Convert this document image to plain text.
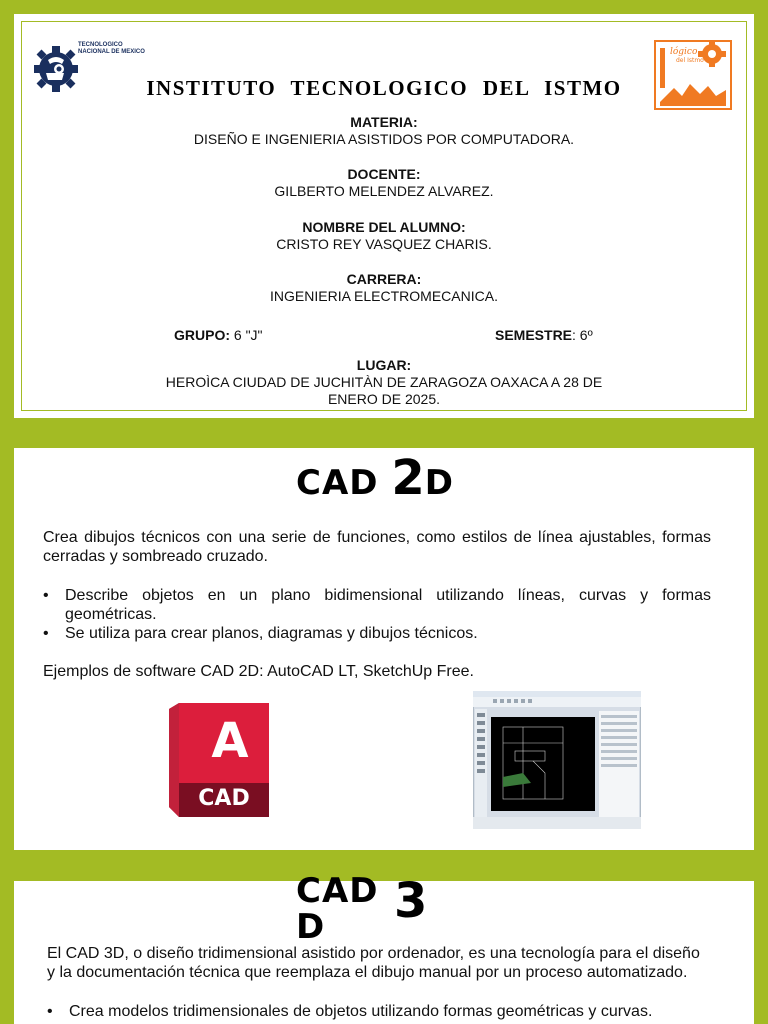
TECNOLOGICO NACIONAL DE MEXICO	lógico
del Istmo
INSTITUTO TECNOLOGICO DEL ISTMO
MATERIA:
DISEÑO E INGENIERIA ASISTIDOS POR COMPUTADORA.
DOCENTE:
GILBERTO MELENDEZ ALVAREZ.
NOMBRE DEL ALUMNO:
CRISTO REY VASQUEZ CHARIS.
CARRERA:
INGENIERIA ELECTROMECANICA.
GRUPO: 6 "J"	SEMESTRE: 6º
LUGAR:
HEROÌCA CIUDAD DE JUCHITÀN DE ZARAGOZA OAXACA A 28 DE
ENERO DE 2025.
CAD 2D
Crea dibujos técnicos con una serie de funciones, como estilos de línea ajustables, formas cerradas y sombreado cruzado.
• Describe objetos en un plano bidimensional utilizando líneas, curvas y formas geométricas.
• Se utiliza para crear planos, diagramas y dibujos técnicos.
Ejemplos de software CAD 2D: AutoCAD LT, SketchUp Free.
A
CAD
CAD 3
D
El CAD 3D, o diseño tridimensional asistido por ordenador, es una tecnología para el diseño y la documentación técnica que reemplaza el dibujo manual por un proceso automatizado.
• Crea modelos tridimensionales de objetos utilizando formas geométricas y curvas.
